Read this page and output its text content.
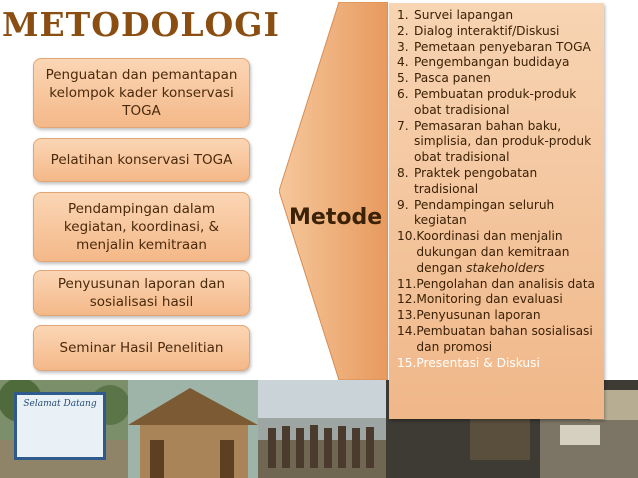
METODOLOGI
Penguatan dan pemantapan kelompok kader konservasi TOGA
Pelatihan konservasi TOGA
Pendampingan dalam kegiatan, koordinasi, & menjalin kemitraan
Penyusunan laporan dan sosialisasi hasil
Seminar Hasil Penelitian
Metode
Selamat Datang
1. Survei lapangan
2. Dialog interaktif/Diskusi
3. Pemetaan penyebaran TOGA
4. Pengembangan budidaya
5. Pasca panen
6. Pembuatan produk-produk obat tradisional
7. Pemasaran bahan baku, simplisia, dan produk-produk obat tradisional
8. Praktek pengobatan tradisional
9. Pendampingan seluruh kegiatan
10. Koordinasi dan menjalin dukungan dan kemitraan dengan stakeholders
11. Pengolahan dan analisis data
12. Monitoring dan evaluasi
13. Penyusunan laporan
14. Pembuatan bahan sosialisasi dan promosi
15. Presentasi & Diskusi
